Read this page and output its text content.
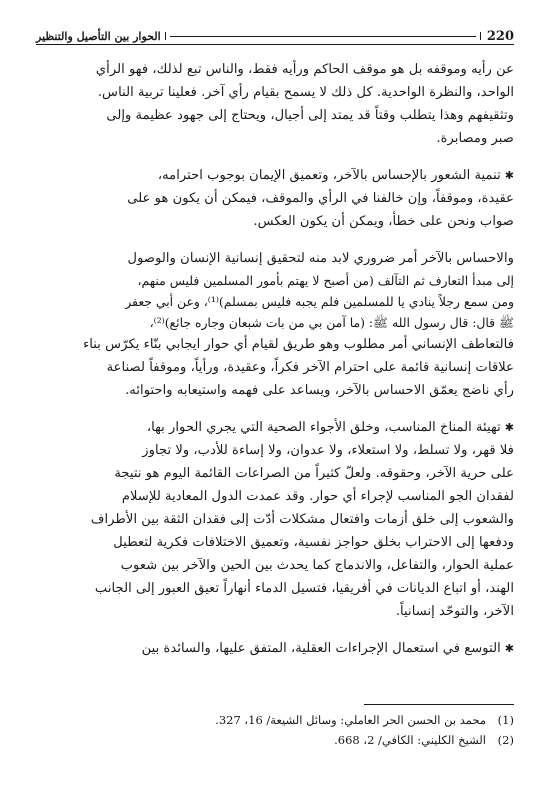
220
الحوار بين التأصيل والتنظير
عن رأيه وموقفه بل هو موقف الحاكم ورأيه فقط، والناس تبع لذلك، فهو الرأي
الواحد، والنظرة الواحدية. كل ذلك لا يسمح بقيام رأي آخر. فعلينا تربية الناس.
وتثقيفهم وهذا يتطلب وقتاً قد يمتد إلى أجيال، ويحتاج إلى جهود عظيمة وإلى
صبر ومصابرة.
✱تنمية الشعور بالإحساس بالآخر، وتعميق الإيمان بوجوب احترامه،
عقيدة، وموقفاً، وإن خالفنا في الرأي والموقف، فيمكن أن يكون هو على
صواب ونحن على خطأ، ويمكن أن يكون العكس.
والاحساس بالآخر أمر ضروري لابد منه لتحقيق إنسانية الإنسان والوصول
إلى مبدأ التعارف ثم التآلف (من أصبح لا يهتم بأمور المسلمين فليس منهم،
ومن سمع رجلاً ينادي يا للمسلمين فلم يجبه فليس بمسلم)⁽¹⁾، وعن أبي جعفر
ﷺ قال: قال رسول الله ﷺ: (ما آمن بي من بات شبعان وجاره جائع)⁽²⁾،
فالتعاطف الإنساني أمر مطلوب وهو طريق لقيام أي حوار ايجابي بنّاء يكرّس بناء
علاقات إنسانية قائمة على احترام الآخر فكراً، وعقيدة، ورأياً، وموقفاً لصناعة
رأي ناضج يعمّق الاحساس بالآخر، ويساعد على فهمه واستيعابه واحتوائه.
✱تهيئة المناخ المناسب، وخلق الأجواء الصحية التي يجري الحوار بها،
فلا قهر، ولا تسلط، ولا استعلاء، ولا عدوان، ولا إساءة للأدب، ولا تجاوز
على حرية الآخر، وحقوقه. ولعلّ كثيراً من الصراعات القائمة اليوم هو نتيجة
لفقدان الجو المناسب لإجراء أي حوار. وقد عمدت الدول المعادية للإسلام
والشعوب إلى خلق أزمات وافتعال مشكلات أدّت إلى فقدان الثقة بين الأطراف
ودفعها إلى الاحتراب بخلق حواجز نفسية، وتعميق الاختلافات فكرية لتعطيل
عملية الحوار، والتفاعل، والاندماج كما يحدث بين الحين والآخر بين شعوب
الهند، أو اتباع الديانات في أفريقيا، فتسيل الدماء أنهاراً تعيق العبور إلى الجانب
الآخر، والتوحّد إنسانياً.
✱التوسع في استعمال الإجراءات العقلية، المتفق عليها، والسائدة بين
(1)محمد بن الحسن الحر العاملي: وسائل الشيعة/ 16، 327.
(2)الشيخ الكليني: الكافي/ 2، 668.
